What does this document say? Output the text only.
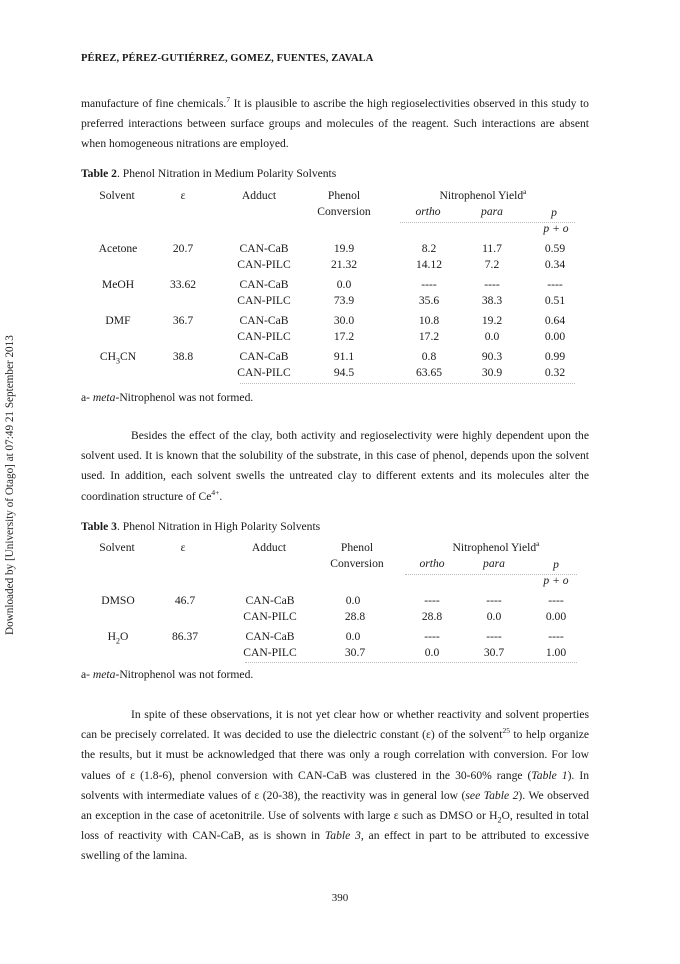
Downloaded by [University of Otago] at 07:49 21 September 2013
PÉREZ, PÉREZ-GUTIÉRREZ, GOMEZ, FUENTES, ZAVALA
manufacture of fine chemicals.$^7$ It is plausible to ascribe the high regioselectivities observed in this study to preferred interactions between surface groups and molecules of the reagent. Such interactions are absent when homogeneous nitrations are employed.
Table 2. Phenol Nitration in Medium Polarity Solvents
Solvent	ε	Adduct	Phenol
Conversion
Nitrophenol Yield$^a$
ortho	para	p
p + o
Acetone	20.7	CAN-CaB	19.9	8.2	11.7	0.59
CAN-PILC	21.32	14.12	7.2	0.34
MeOH	33.62	CAN-CaB	0.0	----	----	----
CAN-PILC	73.9	35.6	38.3	0.51
DMF	36.7	CAN-CaB	30.0	10.8	19.2	0.64
CAN-PILC	17.2	17.2	0.0	0.00
$CH_3CN$	38.8	CAN-CaB	91.1	0.8	90.3	0.99
CAN-PILC	94.5	63.65	30.9	0.32
a- meta-Nitrophenol was not formed.
Besides the effect of the clay, both activity and regioselectivity were highly dependent upon the solvent used. It is known that the solubility of the substrate, in this case of phenol, depends upon the solvent used. In addition, each solvent swells the untreated clay to different extents and its molecules alter the coordination structure of $Ce^{4+}$.
Table 3. Phenol Nitration in High Polarity Solvents
Solvent	ε	Adduct	Phenol
Conversion
Nitrophenol Yield$^a$
ortho	para	p
p + o
DMSO	46.7	CAN-CaB	0.0	----	----	----
CAN-PILC	28.8	28.8	0.0	0.00
$H_2O$	86.37	CAN-CaB	0.0	----	----	----
CAN-PILC	30.7	0.0	30.7	1.00
a- meta-Nitrophenol was not formed.
In spite of these observations, it is not yet clear how or whether reactivity and solvent properties can be precisely correlated. It was decided to use the dielectric constant (ε) of the solvent$^{25}$ to help organize the results, but it must be acknowledged that there was only a rough correlation with conversion. For low values of ε (1.8-6), phenol conversion with CAN-CaB was clustered in the 30-60% range (Table 1). In solvents with intermediate values of ε (20-38), the reactivity was in general low (see Table 2). We observed an exception in the case of acetonitrile. Use of solvents with large ε such as DMSO or $H_2O$, resulted in total loss of reactivity with CAN-CaB, as is shown in Table 3, an effect in part to be attributed to excessive swelling of the lamina.
390
